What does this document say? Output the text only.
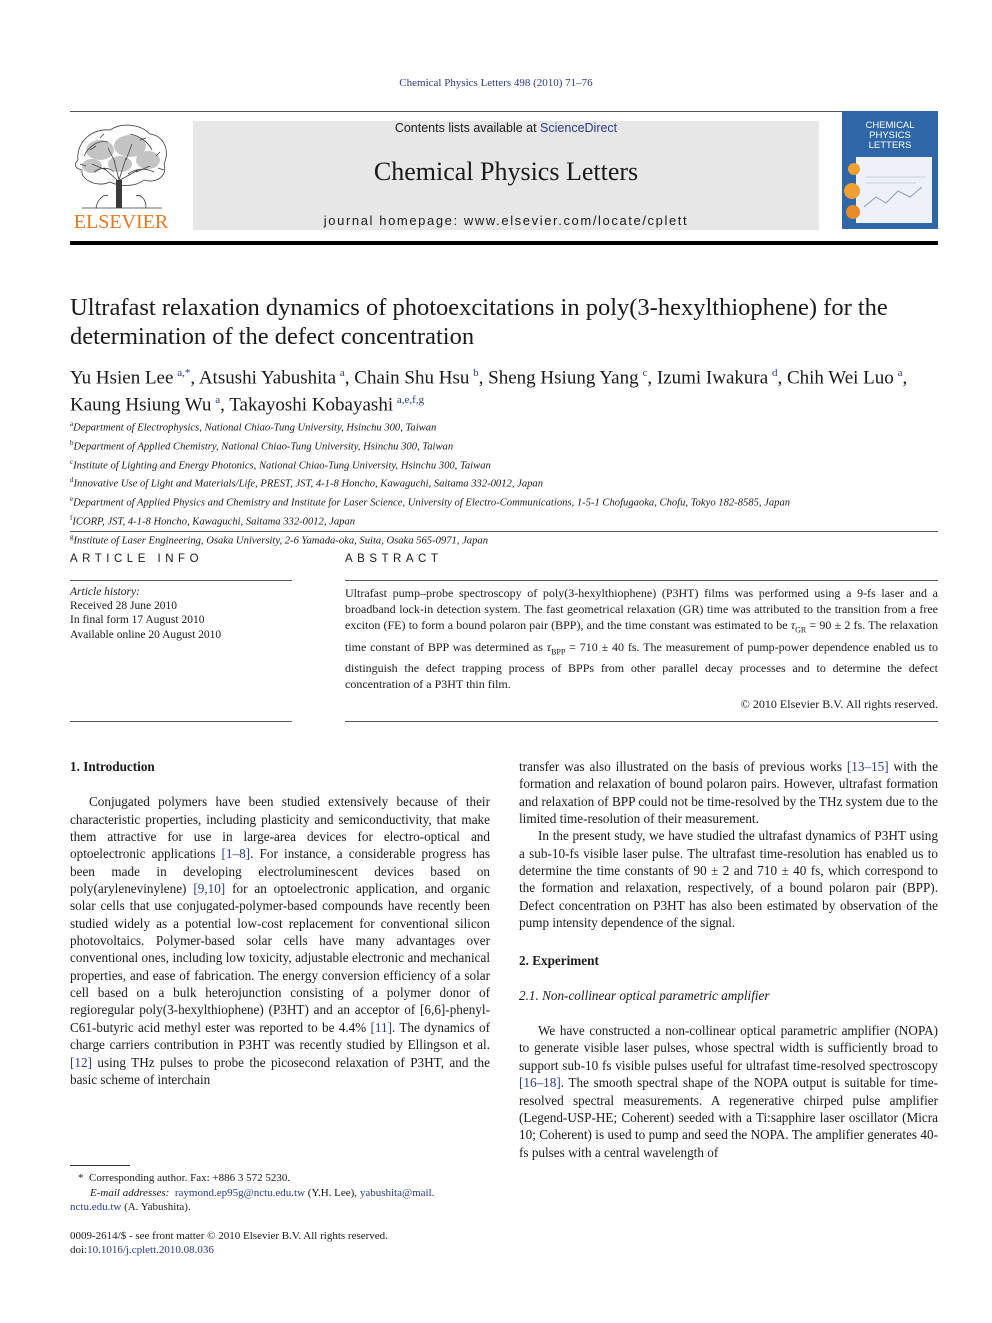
Chemical Physics Letters 498 (2010) 71–76
ELSEVIER
Contents lists available at ScienceDirect
Chemical Physics Letters
journal homepage: www.elsevier.com/locate/cplett
CHEMICAL
PHYSICS
LETTERS
Ultrafast relaxation dynamics of photoexcitations in poly(3-hexylthiophene) for the determination of the defect concentration
Yu Hsien Lee  $^{a,*}$, Atsushi Yabushita  $^a$, Chain Shu Hsu  $^b$, Sheng Hsiung Yang  $^c$, Izumi Iwakura  $^d$, Chih Wei Luo  $^a$,
Kaung Hsiung Wu  $^a$, Takayoshi Kobayashi  $^{a,e,f,g}$
$^a$Department of Electrophysics, National Chiao-Tung University, Hsinchu 300, Taiwan
$^b$Department of Applied Chemistry, National Chiao-Tung University, Hsinchu 300, Taiwan
$^c$Institute of Lighting and Energy Photonics, National Chiao-Tung University, Hsinchu 300, Taiwan
$^d$Innovative Use of Light and Materials/Life, PREST, JST, 4-1-8 Honcho, Kawaguchi, Saitama 332-0012, Japan
$^e$Department of Applied Physics and Chemistry and Institute for Laser Science, University of Electro-Communications, 1-5-1 Chofugaoka, Chofu, Tokyo 182-8585, Japan
$^f$ICORP, JST, 4-1-8 Honcho, Kawaguchi, Saitama 332-0012, Japan
$^g$Institute of Laser Engineering, Osaka University, 2-6 Yamada-oka, Suita, Osaka 565-0971, Japan
ARTICLE INFO	ABSTRACT
Article history:
Received 28 June 2010
In final form 17 August 2010
Available online 20 August 2010
Ultrafast pump–probe spectroscopy of poly(3-hexylthiophene) (P3HT) films was performed using a 9-fs laser and a broadband lock-in detection system. The fast geometrical relaxation (GR) time was attributed to the transition from a free exciton (FE) to form a bound polaron pair (BPP), and the time constant was estimated to be $\tau_{GR} = 90 \pm 2$ fs. The relaxation time constant of BPP was determined as $\tau_{BPP} = 710 \pm 40$ fs. The measurement of pump-power dependence enabled us to distinguish the defect trapping process of BPPs from other parallel decay processes and to determine the defect concentration of a P3HT thin film.
© 2010 Elsevier B.V. All rights reserved.
1. Introduction

Conjugated polymers have been studied extensively because of their characteristic properties, including plasticity and semiconductivity, that make them attractive for use in large-area devices for electro-optical and optoelectronic applications [1–8]. For instance, a considerable progress has been made in developing electroluminescent devices based on poly(arylenevinylene) [9,10] for an optoelectronic application, and organic solar cells that use conjugated-polymer-based compounds have recently been studied widely as a potential low-cost replacement for conventional silicon photovoltaics. Polymer-based solar cells have many advantages over conventional ones, including low toxicity, adjustable electronic and mechanical properties, and ease of fabrication. The energy conversion efficiency of a solar cell based on a bulk heterojunction consisting of a polymer donor of regioregular poly(3-hexylthiophene) (P3HT) and an acceptor of [6,6]-phenyl-C61-butyric acid methyl ester was reported to be 4.4% [11]. The dynamics of charge carriers contribution in P3HT was recently studied by Ellingson et al. [12] using THz pulses to probe the picosecond relaxation of P3HT, and the basic scheme of interchain

transfer was also illustrated on the basis of previous works [13–15] with the formation and relaxation of bound polaron pairs. However, ultrafast formation and relaxation of BPP could not be time-resolved by the THz system due to the limited time-resolution of their measurement.

In the present study, we have studied the ultrafast dynamics of P3HT using a sub-10-fs visible laser pulse. The ultrafast time-resolution has enabled us to determine the time constants of 90 ± 2 and 710 ± 40 fs, which correspond to the formation and relaxation, respectively, of a bound polaron pair (BPP). Defect concentration on P3HT has also been estimated by observation of the pump intensity dependence of the signal.

2. Experiment
2.1. Non-collinear optical parametric amplifier

We have constructed a non-collinear optical parametric amplifier (NOPA) to generate visible laser pulses, whose spectral width is sufficiently broad to support sub-10 fs visible pulses useful for ultrafast time-resolved spectroscopy [16–18]. The smooth spectral shape of the NOPA output is suitable for time-resolved spectral measurements. A regenerative chirped pulse amplifier (Legend-USP-HE; Coherent) seeded with a Ti:sapphire laser oscillator (Micra 10; Coherent) is used to pump and seed the NOPA. The amplifier generates 40-fs pulses with a central wavelength of

* Corresponding author. Fax: +886 3 572 5230.
E-mail addresses: raymond.ep95g@nctu.edu.tw (Y.H. Lee), yabushita@mail.
nctu.edu.tw (A. Yabushita).
0009-2614/$ - see front matter © 2010 Elsevier B.V. All rights reserved.
doi:10.1016/j.cplett.2010.08.036
